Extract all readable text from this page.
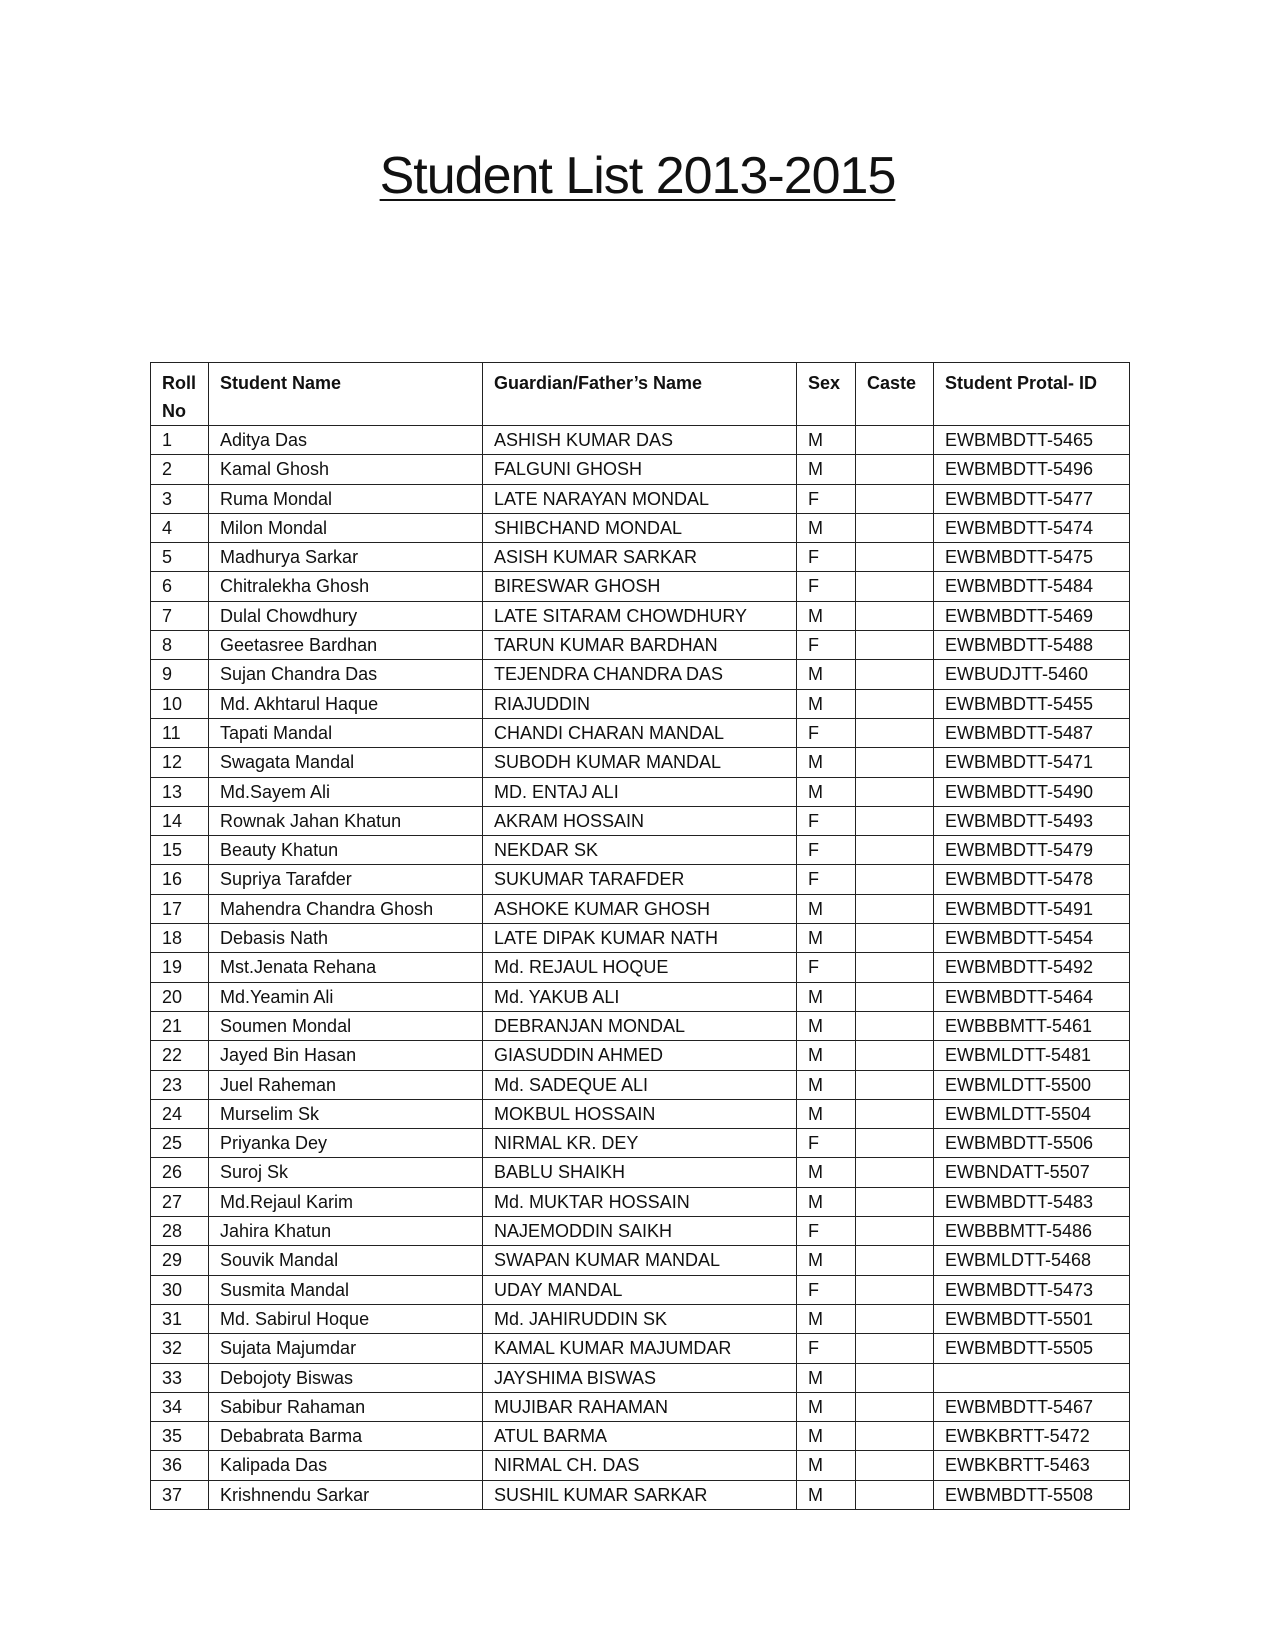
Student List 2013-2015
Roll No	Student Name	Guardian/Father’s Name	Sex	Caste	Student Protal- ID
1	Aditya Das	ASHISH KUMAR DAS	M		EWBMBDTT-5465
2	Kamal Ghosh	FALGUNI GHOSH	M		EWBMBDTT-5496
3	Ruma Mondal	LATE NARAYAN MONDAL	F		EWBMBDTT-5477
4	Milon Mondal	SHIBCHAND MONDAL	M		EWBMBDTT-5474
5	Madhurya Sarkar	ASISH KUMAR SARKAR	F		EWBMBDTT-5475
6	Chitralekha Ghosh	BIRESWAR GHOSH	F		EWBMBDTT-5484
7	Dulal Chowdhury	LATE SITARAM CHOWDHURY	M		EWBMBDTT-5469
8	Geetasree Bardhan	TARUN KUMAR BARDHAN	F		EWBMBDTT-5488
9	Sujan Chandra Das	TEJENDRA CHANDRA DAS	M		EWBUDJTT-5460
10	Md. Akhtarul Haque	RIAJUDDIN	M		EWBMBDTT-5455
11	Tapati Mandal	CHANDI CHARAN MANDAL	F		EWBMBDTT-5487
12	Swagata Mandal	SUBODH KUMAR MANDAL	M		EWBMBDTT-5471
13	Md.Sayem Ali	MD. ENTAJ ALI	M		EWBMBDTT-5490
14	Rownak Jahan Khatun	AKRAM HOSSAIN	F		EWBMBDTT-5493
15	Beauty Khatun	NEKDAR SK	F		EWBMBDTT-5479
16	Supriya Tarafder	SUKUMAR TARAFDER	F		EWBMBDTT-5478
17	Mahendra Chandra Ghosh	ASHOKE KUMAR GHOSH	M		EWBMBDTT-5491
18	Debasis Nath	LATE DIPAK KUMAR NATH	M		EWBMBDTT-5454
19	Mst.Jenata Rehana	Md. REJAUL HOQUE	F		EWBMBDTT-5492
20	Md.Yeamin Ali	Md. YAKUB ALI	M		EWBMBDTT-5464
21	Soumen Mondal	DEBRANJAN MONDAL	M		EWBBBMTT-5461
22	Jayed Bin Hasan	GIASUDDIN AHMED	M		EWBMLDTT-5481
23	Juel Raheman	Md. SADEQUE ALI	M		EWBMLDTT-5500
24	Murselim Sk	MOKBUL HOSSAIN	M		EWBMLDTT-5504
25	Priyanka Dey	NIRMAL KR. DEY	F		EWBMBDTT-5506
26	Suroj Sk	BABLU SHAIKH	M		EWBNDATT-5507
27	Md.Rejaul Karim	Md. MUKTAR HOSSAIN	M		EWBMBDTT-5483
28	Jahira Khatun	NAJEMODDIN SAIKH	F		EWBBBMTT-5486
29	Souvik Mandal	SWAPAN KUMAR MANDAL	M		EWBMLDTT-5468
30	Susmita Mandal	UDAY MANDAL	F		EWBMBDTT-5473
31	Md. Sabirul Hoque	Md. JAHIRUDDIN SK	M		EWBMBDTT-5501
32	Sujata Majumdar	KAMAL KUMAR MAJUMDAR	F		EWBMBDTT-5505
33	Debojoty Biswas	JAYSHIMA BISWAS	M		
34	Sabibur Rahaman	MUJIBAR RAHAMAN	M		EWBMBDTT-5467
35	Debabrata Barma	ATUL BARMA	M		EWBKBRTT-5472
36	Kalipada Das	NIRMAL CH. DAS	M		EWBKBRTT-5463
37	Krishnendu Sarkar	SUSHIL KUMAR SARKAR	M		EWBMBDTT-5508
